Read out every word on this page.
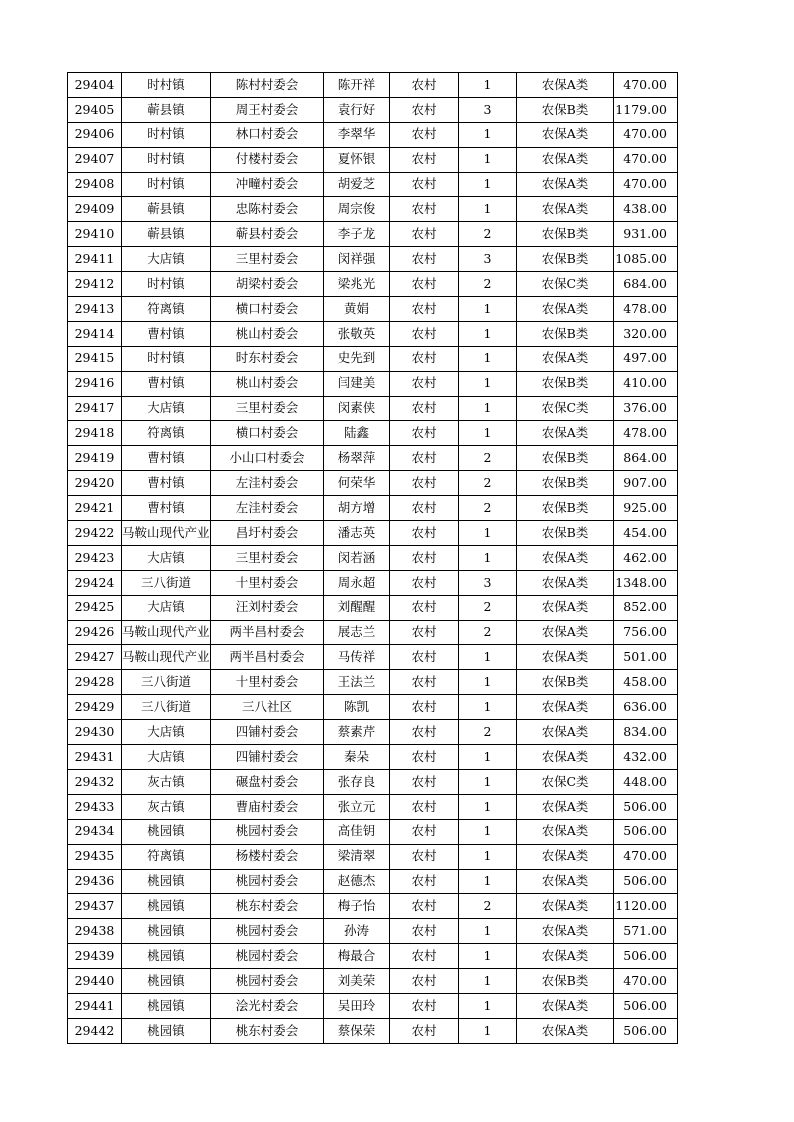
29404	时村镇	陈村村委会	陈开祥	农村	1	农保A类	470.00
29405	蕲县镇	周王村委会	袁行好	农村	3	农保B类	1179.00
29406	时村镇	林口村委会	李翠华	农村	1	农保A类	470.00
29407	时村镇	付楼村委会	夏怀银	农村	1	农保A类	470.00
29408	时村镇	冲疃村委会	胡爱芝	农村	1	农保A类	470.00
29409	蕲县镇	忠陈村委会	周宗俊	农村	1	农保A类	438.00
29410	蕲县镇	蕲县村委会	李子龙	农村	2	农保B类	931.00
29411	大店镇	三里村委会	闵祥强	农村	3	农保B类	1085.00
29412	时村镇	胡梁村委会	梁兆光	农村	2	农保C类	684.00
29413	符离镇	横口村委会	黄娟	农村	1	农保A类	478.00
29414	曹村镇	桃山村委会	张敬英	农村	1	农保B类	320.00
29415	时村镇	时东村委会	史先到	农村	1	农保A类	497.00
29416	曹村镇	桃山村委会	闫建美	农村	1	农保B类	410.00
29417	大店镇	三里村委会	闵素侠	农村	1	农保C类	376.00
29418	符离镇	横口村委会	陆鑫	农村	1	农保A类	478.00
29419	曹村镇	小山口村委会	杨翠萍	农村	2	农保B类	864.00
29420	曹村镇	左洼村委会	何荣华	农村	2	农保B类	907.00
29421	曹村镇	左洼村委会	胡方增	农村	2	农保B类	925.00
29422	马鞍山现代产业	昌圩村委会	潘志英	农村	1	农保B类	454.00
29423	大店镇	三里村委会	闵若涵	农村	1	农保A类	462.00
29424	三八街道	十里村委会	周永超	农村	3	农保A类	1348.00
29425	大店镇	汪刘村委会	刘醒醒	农村	2	农保A类	852.00
29426	马鞍山现代产业	两半昌村委会	展志兰	农村	2	农保A类	756.00
29427	马鞍山现代产业	两半昌村委会	马传祥	农村	1	农保A类	501.00
29428	三八街道	十里村委会	王法兰	农村	1	农保B类	458.00
29429	三八街道	三八社区	陈凯	农村	1	农保A类	636.00
29430	大店镇	四铺村委会	蔡素芹	农村	2	农保A类	834.00
29431	大店镇	四铺村委会	秦朵	农村	1	农保A类	432.00
29432	灰古镇	碾盘村委会	张存良	农村	1	农保C类	448.00
29433	灰古镇	曹庙村委会	张立元	农村	1	农保A类	506.00
29434	桃园镇	桃园村委会	高佳钥	农村	1	农保A类	506.00
29435	符离镇	杨楼村委会	梁清翠	农村	1	农保A类	470.00
29436	桃园镇	桃园村委会	赵德杰	农村	1	农保A类	506.00
29437	桃园镇	桃东村委会	梅子怡	农村	2	农保A类	1120.00
29438	桃园镇	桃园村委会	孙涛	农村	1	农保A类	571.00
29439	桃园镇	桃园村委会	梅最合	农村	1	农保A类	506.00
29440	桃园镇	桃园村委会	刘美荣	农村	1	农保B类	470.00
29441	桃园镇	浍光村委会	吴田玲	农村	1	农保A类	506.00
29442	桃园镇	桃东村委会	蔡保荣	农村	1	农保A类	506.00
